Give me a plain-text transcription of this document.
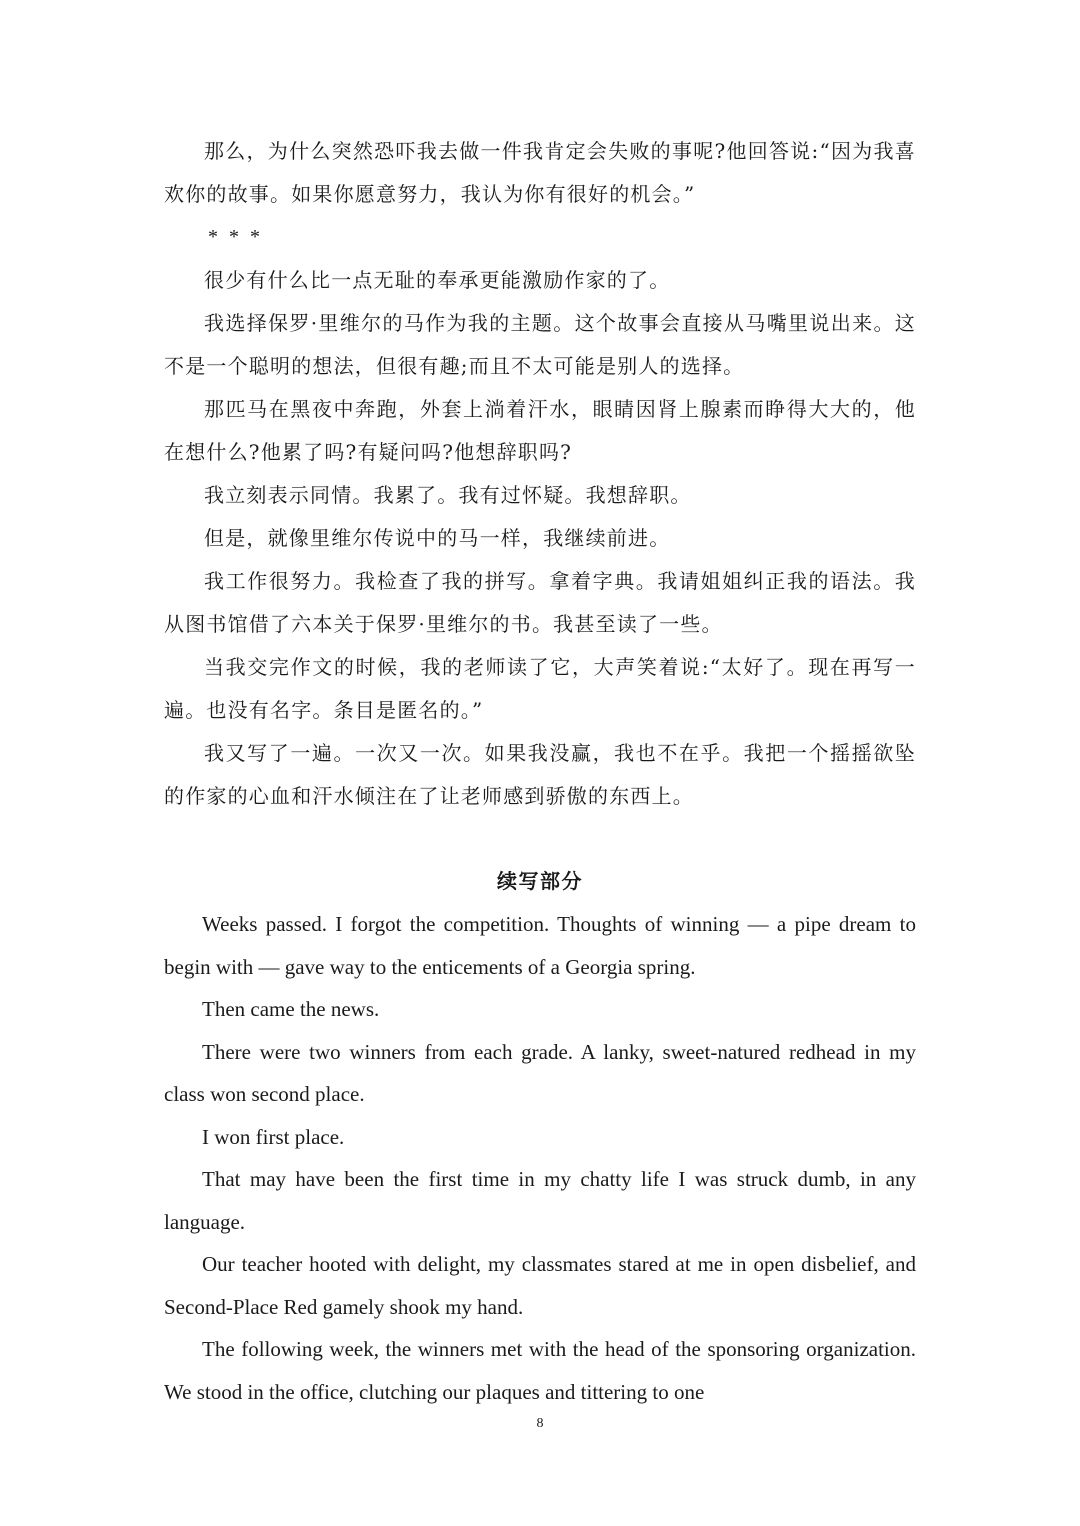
那么，为什么突然恐吓我去做一件我肯定会失败的事呢?他回答说:“因为我喜欢你的故事。如果你愿意努力，我认为你有很好的机会。”

* * *

很少有什么比一点无耻的奉承更能激励作家的了。

我选择保罗·里维尔的马作为我的主题。这个故事会直接从马嘴里说出来。这不是一个聪明的想法，但很有趣;而且不太可能是别人的选择。

那匹马在黑夜中奔跑，外套上淌着汗水，眼睛因肾上腺素而睁得大大的，他在想什么?他累了吗?有疑问吗?他想辞职吗?

我立刻表示同情。我累了。我有过怀疑。我想辞职。

但是，就像里维尔传说中的马一样，我继续前进。

我工作很努力。我检查了我的拼写。拿着字典。我请姐姐纠正我的语法。我从图书馆借了六本关于保罗·里维尔的书。我甚至读了一些。

当我交完作文的时候，我的老师读了它，大声笑着说:“太好了。现在再写一遍。也没有名字。条目是匿名的。”

我又写了一遍。一次又一次。如果我没赢，我也不在乎。我把一个摇摇欲坠的作家的心血和汗水倾注在了让老师感到骄傲的东西上。

续写部分

Weeks passed. I forgot the competition. Thoughts of winning — a pipe dream to begin with — gave way to the enticements of a Georgia spring.

Then came the news.

There were two winners from each grade. A lanky, sweet-natured redhead in my class won second place.

I won first place.

That may have been the first time in my chatty life I was struck dumb, in any language.

Our teacher hooted with delight, my classmates stared at me in open disbelief, and Second-Place Red gamely shook my hand.

The following week, the winners met with the head of the sponsoring organization. We stood in the office, clutching our plaques and tittering to one

8
